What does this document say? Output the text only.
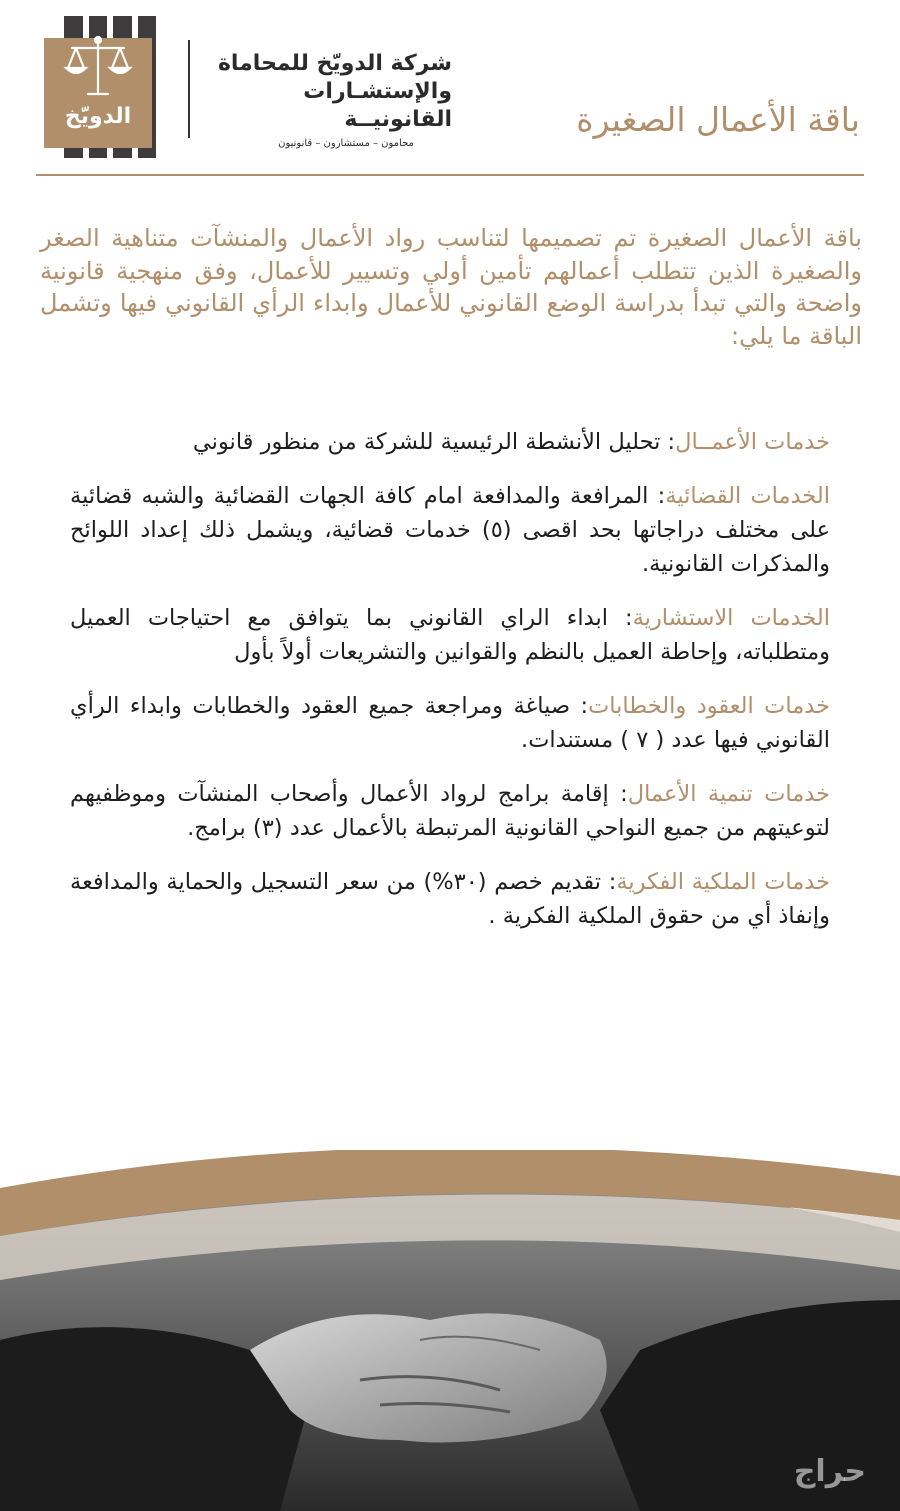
الدويّخ
شركة الدويّخ للمحاماة
والإستشـارات القانونيــة
محامون – مستشارون – قانونيون
باقة الأعمال الصغيرة
باقة الأعمال الصغيرة تم تصميمها لتناسب رواد الأعمال والمنشآت متناهية الصغر والصغيرة الذين تتطلب أعمالهم تأمين أولي وتسيير للأعمال، وفق منهجية قانونية واضحة والتي تبدأ بدراسة الوضع القانوني للأعمال وابداء الرأي القانوني فيها وتشمل الباقة ما يلي:

خدمات الأعمــال: تحليل الأنشطة الرئيسية للشركة من منظور قانوني

الخدمات القضائية: المرافعة والمدافعة امام كافة الجهات القضائية والشبه قضائية على مختلف دراجاتها بحد اقصى (٥) خدمات قضائية، ويشمل ذلك إعداد اللوائح والمذكرات القانونية.

الخدمات الاستشارية: ابداء الراي القانوني بما يتوافق مع احتياجات العميل ومتطلباته، وإحاطة العميل بالنظم والقوانين والتشريعات أولاً بأول

خدمات العقود والخطابات: صياغة ومراجعة جميع العقود والخطابات وابداء الرأي القانوني فيها عدد ( ٧ ) مستندات.

خدمات تنمية الأعمال: إقامة برامج لرواد الأعمال وأصحاب المنشآت وموظفيهم لتوعيتهم من جميع النواحي القانونية المرتبطة بالأعمال عدد (٣) برامج.

خدمات الملكية الفكرية: تقديم خصم (٣٠%) من سعر التسجيل والحماية والمدافعة وإنفاذ أي من حقوق الملكية الفكرية .

حراج
